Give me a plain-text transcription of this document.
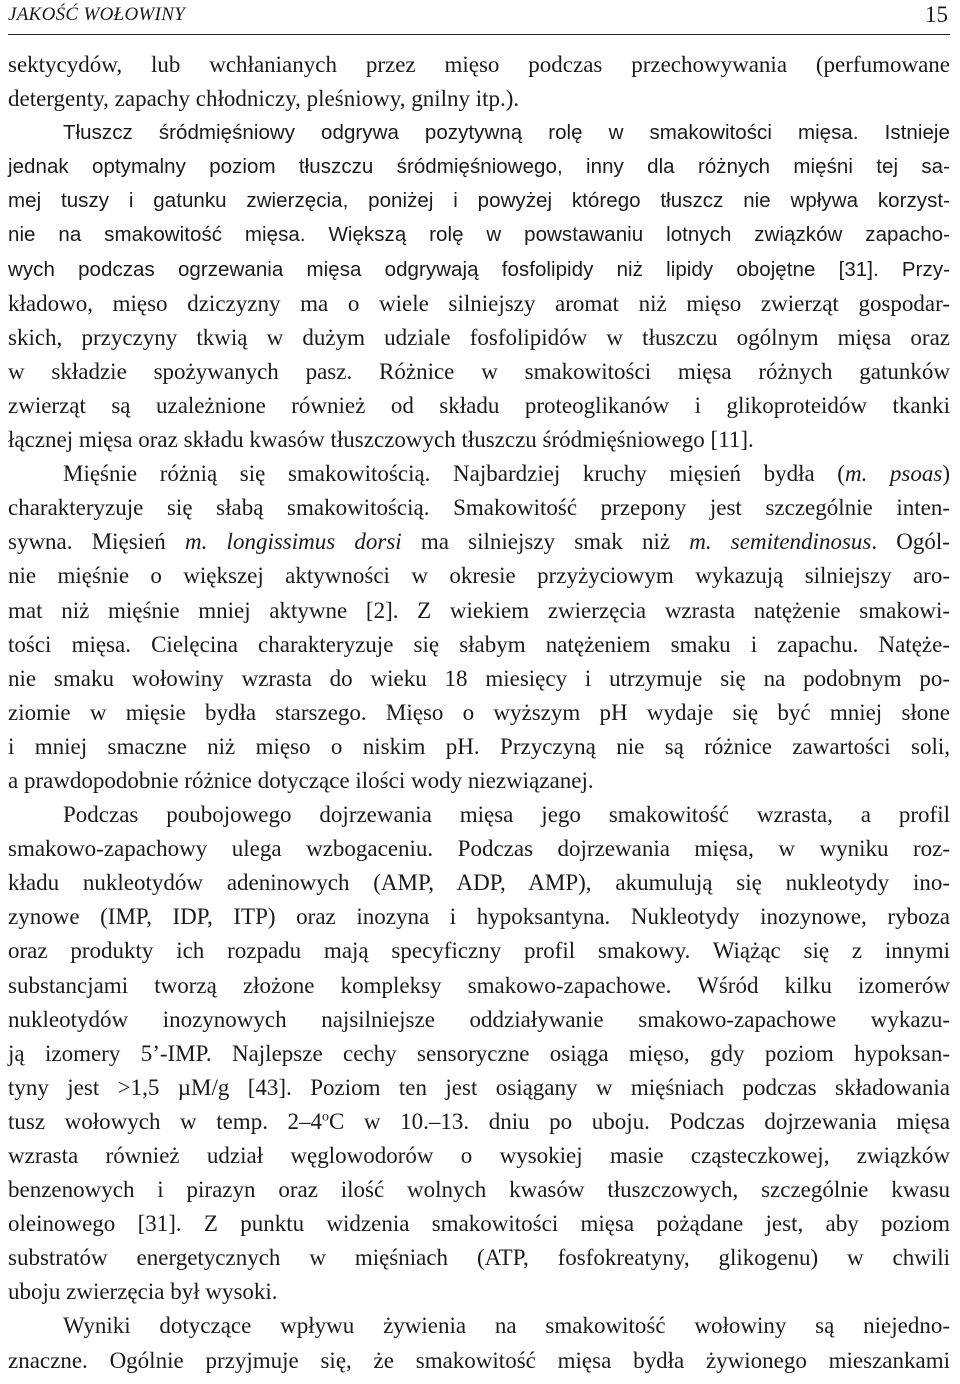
JAKOŚĆ WOŁOWINY	15
sektycydów, lub wchłanianych przez mięso podczas przechowywania (perfumowane
detergenty, zapachy chłodniczy, pleśniowy, gnilny itp.).
Tłuszcz śródmięśniowy odgrywa pozytywną rolę w smakowitości mięsa. Istnieje
jednak optymalny poziom tłuszczu śródmięśniowego, inny dla różnych mięśni tej sa-
mej tuszy i gatunku zwierzęcia, poniżej i powyżej którego tłuszcz nie wpływa korzyst-
nie na smakowitość mięsa. Większą rolę w powstawaniu lotnych związków zapacho-
wych podczas ogrzewania mięsa odgrywają fosfolipidy niż lipidy obojętne [31]. Przy-
kładowo, mięso dziczyzny ma o wiele silniejszy aromat niż mięso zwierząt gospodar-
skich, przyczyny tkwią w dużym udziale fosfolipidów w tłuszczu ogólnym mięsa oraz
w składzie spożywanych pasz. Różnice w smakowitości mięsa różnych gatunków
zwierząt są uzależnione również od składu proteoglikanów i glikoproteidów tkanki
łącznej mięsa oraz składu kwasów tłuszczowych tłuszczu śródmięśniowego [11].
Mięśnie różnią się smakowitością. Najbardziej kruchy mięsień bydła (m. psoas)
charakteryzuje się słabą smakowitością. Smakowitość przepony jest szczególnie inten-
sywna. Mięsień m. longissimus dorsi ma silniejszy smak niż m. semitendinosus. Ogól-
nie mięśnie o większej aktywności w okresie przyżyciowym wykazują silniejszy aro-
mat niż mięśnie mniej aktywne [2]. Z wiekiem zwierzęcia wzrasta natężenie smakowi-
tości mięsa. Cielęcina charakteryzuje się słabym natężeniem smaku i zapachu. Natęże-
nie smaku wołowiny wzrasta do wieku 18 miesięcy i utrzymuje się na podobnym po-
ziomie w mięsie bydła starszego. Mięso o wyższym pH wydaje się być mniej słone
i mniej smaczne niż mięso o niskim pH. Przyczyną nie są różnice zawartości soli,
a prawdopodobnie różnice dotyczące ilości wody niezwiązanej.
Podczas poubojowego dojrzewania mięsa jego smakowitość wzrasta, a profil
smakowo-zapachowy ulega wzbogaceniu. Podczas dojrzewania mięsa, w wyniku roz-
kładu nukleotydów adeninowych (AMP, ADP, AMP), akumulują się nukleotydy ino-
zynowe (IMP, IDP, ITP) oraz inozyna i hypoksantyna. Nukleotydy inozynowe, ryboza
oraz produkty ich rozpadu mają specyficzny profil smakowy. Wiążąc się z innymi
substancjami tworzą złożone kompleksy smakowo-zapachowe. Wśród kilku izomerów
nukleotydów inozynowych najsilniejsze oddziaływanie smakowo-zapachowe wykazu-
ją izomery 5’-IMP. Najlepsze cechy sensoryczne osiąga mięso, gdy poziom hypoksan-
tyny jest >1,5 µM/g [43]. Poziom ten jest osiągany w mięśniach podczas składowania
tusz wołowych w temp. 2–4$^o$C w 10.–13. dniu po uboju. Podczas dojrzewania mięsa
wzrasta również udział węglowodorów o wysokiej masie cząsteczkowej, związków
benzenowych i pirazyn oraz ilość wolnych kwasów tłuszczowych, szczególnie kwasu
oleinowego [31]. Z punktu widzenia smakowitości mięsa pożądane jest, aby poziom
substratów energetycznych w mięśniach (ATP, fosfokreatyny, glikogenu) w chwili
uboju zwierzęcia był wysoki.
Wyniki dotyczące wpływu żywienia na smakowitość wołowiny są niejedno-
znaczne. Ogólnie przyjmuje się, że smakowitość mięsa bydła żywionego mieszankami
